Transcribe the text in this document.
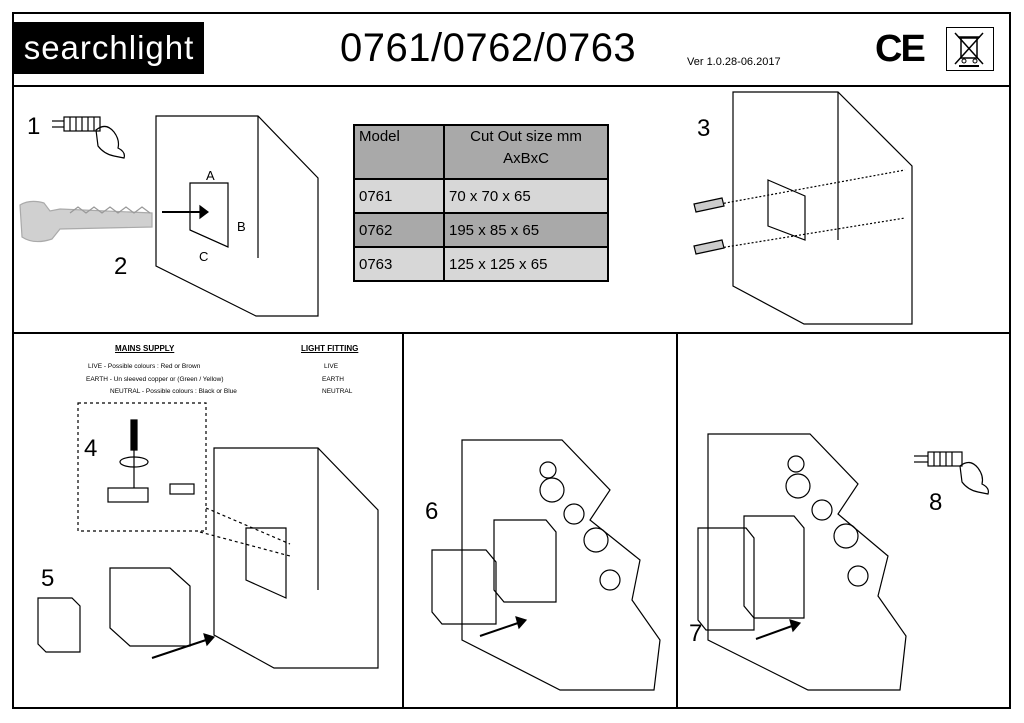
searchlight	0761/0762/0763	Ver 1.0.28-06.2017 CE
1
2
3
4
5
6
7
8
A
B
C
Model	Cut Out size mm
AxBxC

0761	70 x 70 x 65
0762	195 x 85 x 65
0763	125 x 125 x 65
MAINS SUPPLY	LIGHT FITTING
LIVE - Possible colours : Red or Brown
EARTH - Un sleeved copper or (Green / Yellow)
NEUTRAL - Possible colours : Black or Blue
LIVE
EARTH
NEUTRAL
